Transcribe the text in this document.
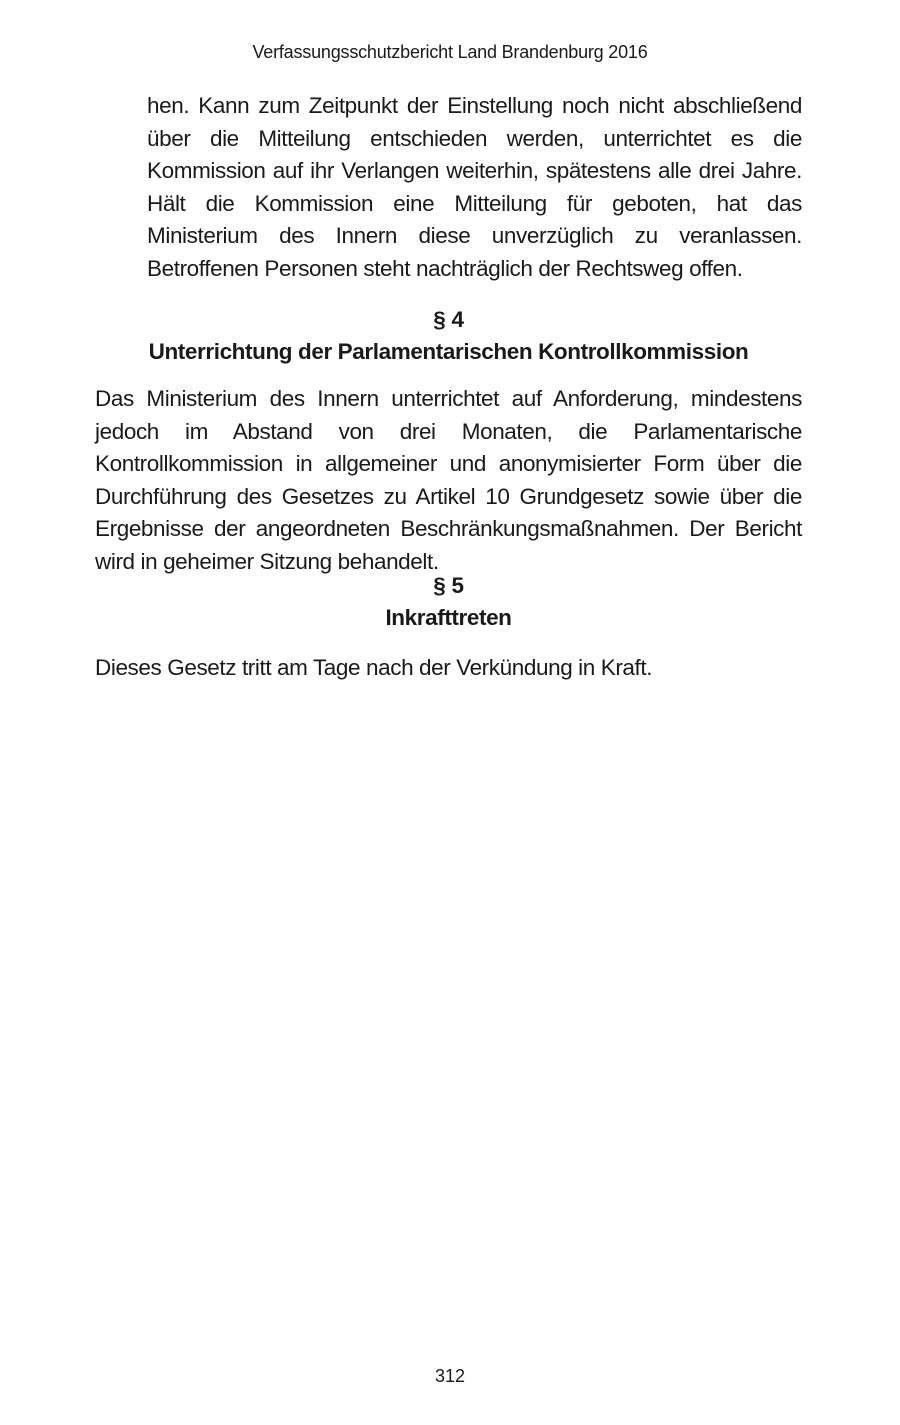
Verfassungsschutzbericht Land Brandenburg 2016

hen. Kann zum Zeitpunkt der Einstellung noch nicht abschließend über die Mitteilung entschieden werden, unterrichtet es die Kommission auf ihr Verlangen weiterhin, spätestens alle drei Jahre. Hält die Kommission eine Mitteilung für geboten, hat das Ministerium des Innern diese unverzüglich zu veranlassen. Betroffenen Personen steht nachträglich der Rechtsweg offen.

§ 4
Unterrichtung der Parlamentarischen Kontrollkommission

Das Ministerium des Innern unterrichtet auf Anforderung, mindestens jedoch im Abstand von drei Monaten, die Parlamentarische Kontrollkommission in allgemeiner und anonymisierter Form über die Durchführung des Gesetzes zu Artikel 10 Grundgesetz sowie über die Ergebnisse der angeordneten Beschränkungsmaßnahmen. Der Bericht wird in geheimer Sitzung behandelt.

§ 5
Inkrafttreten

Dieses Gesetz tritt am Tage nach der Verkündung in Kraft.

312
